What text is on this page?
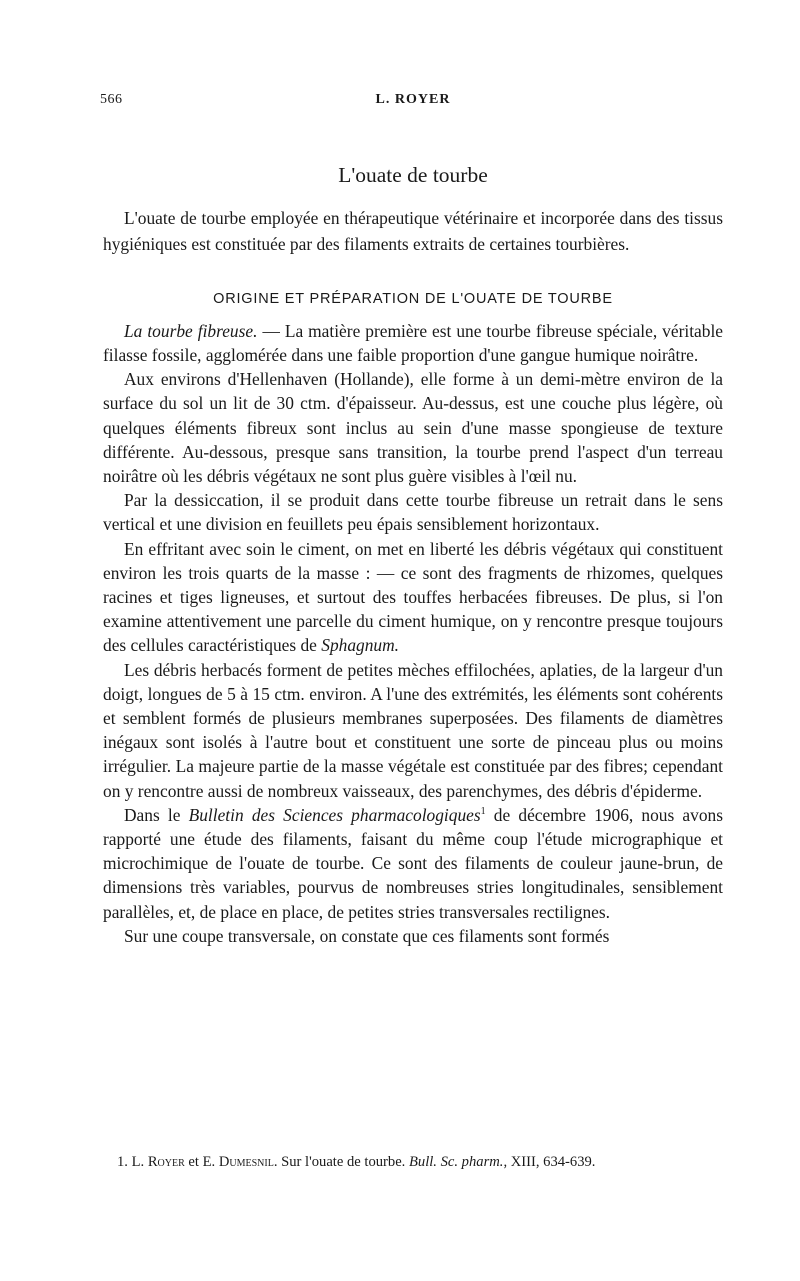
566	L. ROYER
L'ouate de tourbe

L'ouate de tourbe employée en thérapeutique vétérinaire et incorporée dans des tissus hygiéniques est constituée par des filaments extraits de certaines tourbières.

ORIGINE ET PRÉPARATION DE L'OUATE DE TOURBE

La tourbe fibreuse. — La matière première est une tourbe fibreuse spéciale, véritable filasse fossile, agglomérée dans une faible proportion d'une gangue humique noirâtre.

Aux environs d'Hellenhaven (Hollande), elle forme à un demi-mètre environ de la surface du sol un lit de 30 ctm. d'épaisseur. Au-dessus, est une couche plus légère, où quelques éléments fibreux sont inclus au sein d'une masse spongieuse de texture différente. Au-dessous, presque sans transition, la tourbe prend l'aspect d'un terreau noirâtre où les débris végétaux ne sont plus guère visibles à l'œil nu.

Par la dessiccation, il se produit dans cette tourbe fibreuse un retrait dans le sens vertical et une division en feuillets peu épais sensiblement horizontaux.

En effritant avec soin le ciment, on met en liberté les débris végétaux qui constituent environ les trois quarts de la masse : — ce sont des fragments de rhizomes, quelques racines et tiges ligneuses, et surtout des touffes herbacées fibreuses. De plus, si l'on examine attentivement une parcelle du ciment humique, on y rencontre presque toujours des cellules caractéristiques de Sphagnum.

Les débris herbacés forment de petites mèches effilochées, aplaties, de la largeur d'un doigt, longues de 5 à 15 ctm. environ. A l'une des extrémités, les éléments sont cohérents et semblent formés de plusieurs membranes superposées. Des filaments de diamètres inégaux sont isolés à l'autre bout et constituent une sorte de pinceau plus ou moins irrégulier. La majeure partie de la masse végétale est constituée par des fibres; cependant on y rencontre aussi de nombreux vaisseaux, des parenchymes, des débris d'épiderme.

Dans le Bulletin des Sciences pharmacologiques$^1$ de décembre 1906, nous avons rapporté une étude des filaments, faisant du même coup l'étude micrographique et microchimique de l'ouate de tourbe. Ce sont des filaments de couleur jaune-brun, de dimensions très variables, pourvus de nombreuses stries longitudinales, sensiblement parallèles, et, de place en place, de petites stries transversales rectilignes.

Sur une coupe transversale, on constate que ces filaments sont formés

1. L. Royer et E. Dumesnil. Sur l'ouate de tourbe. Bull. Sc. pharm., XIII, 634-639.
